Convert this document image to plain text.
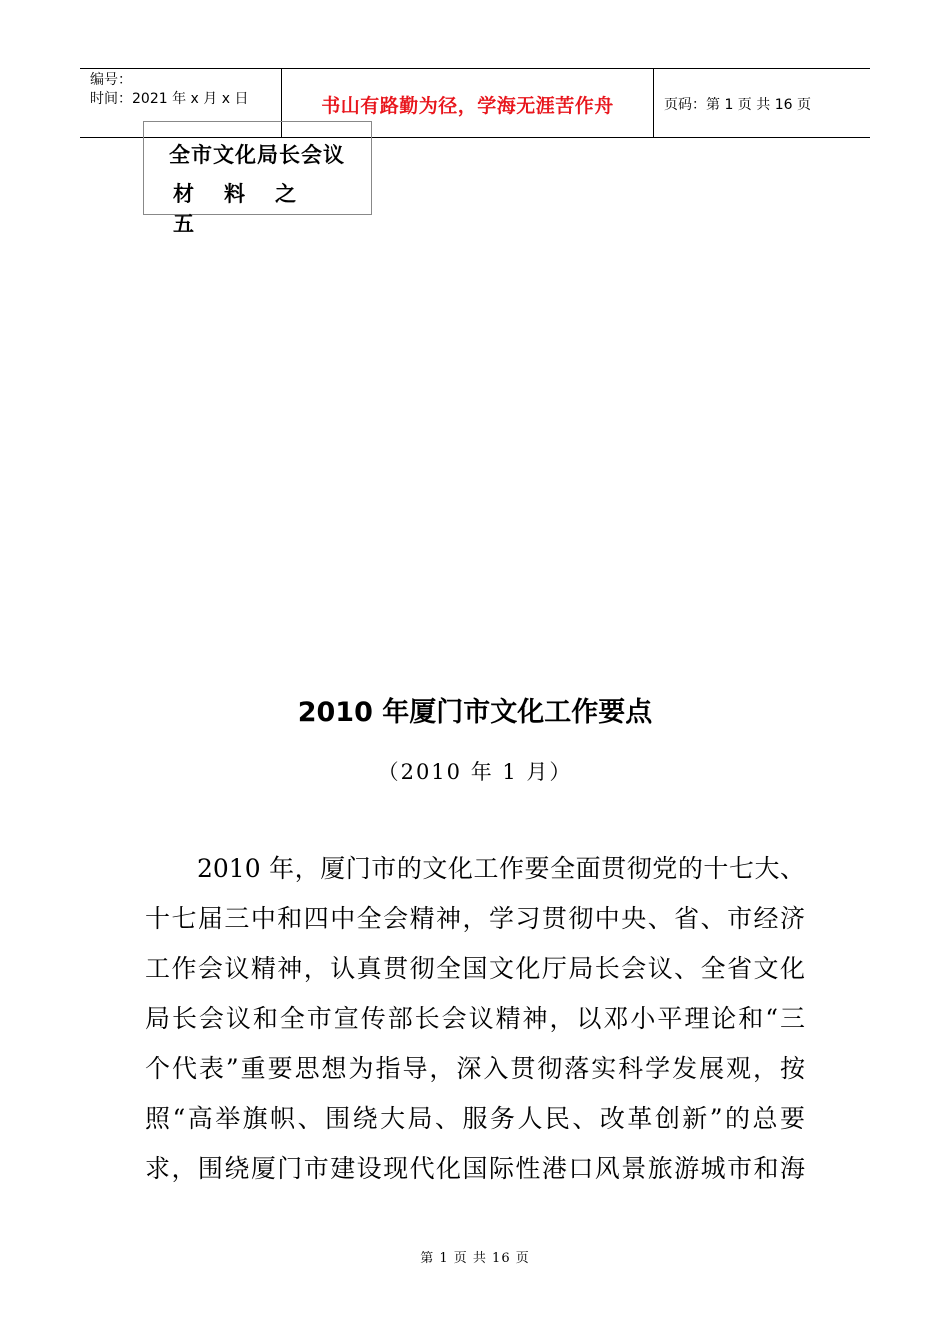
编号：
时间：2021 年 x 月 x 日	书山有路勤为径，学海无涯苦作舟	页码：第 1 页 共 16 页
全市文化局长会议
材料之五
2010 年厦门市文化工作要点
（2010 年 1 月）
2010 年，厦门市的文化工作要全面贯彻党的十七大、
十七届三中和四中全会精神，学习贯彻中央、省、市经济
工作会议精神，认真贯彻全国文化厅局长会议、全省文化
局长会议和全市宣传部长会议精神，以邓小平理论和“三
个代表”重要思想为指导，深入贯彻落实科学发展观，按
照“高举旗帜、围绕大局、服务人民、改革创新”的总要
求，围绕厦门市建设现代化国际性港口风景旅游城市和海
第 1 页 共 16 页
